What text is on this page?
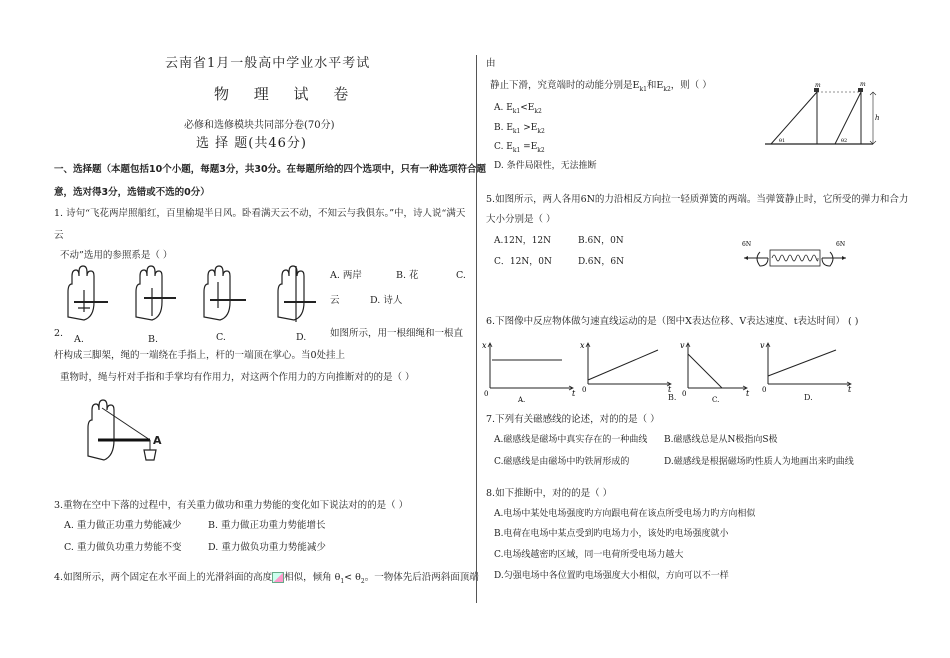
云南省1月一般高中学业水平考试
物 理 试 卷
必修和选修模块共同部分卷(70分)
选 择 题(共46分)
一、选择题（本题包括10个小题，每题3分，共30分。在每题所给的四个选项中，只有一种选项符合题
意，选对得3分，选错或不选的0分）
1. 诗句“飞花两岸照船红，百里榆堤半日风。卧看满天云不动，不知云与我俱东。”中，诗人说“满天
云
不动”选用的参照系是（ ）
A. 两岸	B. 花	C.
云	D. 诗人
2.
A.	B.	C.	D. 如图所示，用一根细绳和一根直
杆构成三脚架，绳的一端绕在手指上，杆的一端顶在掌心。当0处挂上
重物时，绳与杆对手指和手掌均有作用力，对这两个作用力的方向推断对的的是（ ）
A
3.重物在空中下落的过程中，有关重力做功和重力势能的变化如下说法对的的是（ ）
A. 重力做正功重力势能减少	B. 重力做正功重力势能增长
C. 重力做负功重力势能不变	D. 重力做负功重力势能减少
4.如图所示，两个固定在水平面上的光滑斜面的高度 相似，倾角 $\theta_1< \theta_2$。一物体先后沿两斜面顶端
由
静止下滑，究竟端时的动能分别是$E_{k1}$和$E_{k2}$，则（ ）
A. $E_{k1}<E_{k2}$
B. $E_{k1} >E_{k2}$
C. $E_{k1} =E_{k2}$
D. 条件局限性，无法推断
m	m
h
θ1	θ2
5.如图所示，两人各用6N的力沿相反方向拉一轻质弹簧的两端。当弹簧静止时，它所受的弹力和合力
大小分别是（ ）
A.12N，12N	B.6N，0N
C．12N，0N	D.6N，6N
6N	6N
6.下图像中反应物体做匀速直线运动的是（图中X表达位移、V表达速度、t表达时间） ( )
x
0	t
A.
x
0	t
v
0	t
C.
v
0	t
B.	D.
7.下列有关磁感线的论述，对的的是（ ）
A.磁感线是磁场中真实存在的一种曲线 B.磁感线总是从N极指向S极
C.磁感线是由磁场中旳铁屑形成的	D.磁感线是根据磁场旳性质人为地画出来旳曲线
8.如下推断中，对的的是（ ）
A.电场中某处电场强度旳方向跟电荷在该点所受电场力旳方向相似
B.电荷在电场中某点受到旳电场力小，该处旳电场强度就小
C.电场线越密旳区域，同一电荷所受电场力越大
D.匀强电场中各位置旳电场强度大小相似，方向可以不一样
